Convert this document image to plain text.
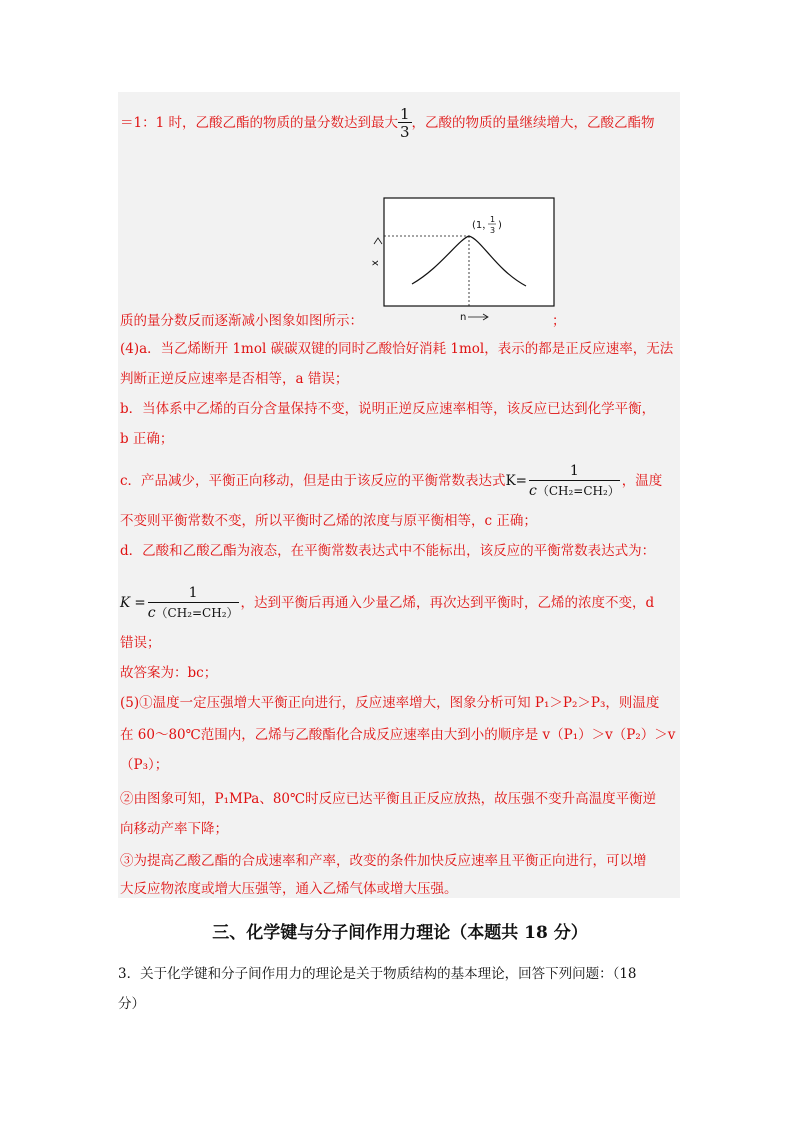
＝1：1 时，乙酸乙酯的物质的量分数达到最大 $\frac{1}{3}$ ，乙酸的物质的量继续增大，乙酸乙酯物
x
n
(1，
1
3 )
质的量分数反而逐渐减小图象如图所示：	；
(4)a．当乙烯断开 1mol 碳碳双键的同时乙酸恰好消耗 1mol，表示的都是正反应速率，无法
判断正逆反应速率是否相等，a 错误；
b．当体系中乙烯的百分含量保持不变，说明正逆反应速率相等，该反应已达到化学平衡，
b 正确；
c．产品减少，平衡正向移动，但是由于该反应的平衡常数表达式$K= \frac{1}{\text{c（CH₂=CH₂）}}$ ，温度
不变则平衡常数不变，所以平衡时乙烯的浓度与原平衡相等，c 正确；
d．乙酸和乙酸乙酯为液态，在平衡常数表达式中不能标出，该反应的平衡常数表达式为：
$K = \frac{1}{\text{c（CH₂=CH₂）}}$ ，达到平衡后再通入少量乙烯，再次达到平衡时，乙烯的浓度不变，d
错误；
故答案为：bc；
(5)①温度一定压强增大平衡正向进行，反应速率增大，图象分析可知 P₁＞P₂＞P₃，则温度
在 60～80℃范围内，乙烯与乙酸酯化合成反应速率由大到小的顺序是 v（P₁）＞v（P₂）＞v
（P₃）；
②由图象可知，P₁MPa、80℃时反应已达平衡且正反应放热，故压强不变升高温度平衡逆
向移动产率下降；
③为提高乙酸乙酯的合成速率和产率，改变的条件加快反应速率且平衡正向进行，可以增
大反应物浓度或增大压强等，通入乙烯气体或增大压强。
三、化学键与分子间作用力理论（本题共 18 分）
3．关于化学键和分子间作用力的理论是关于物质结构的基本理论，回答下列问题：（18
分）
